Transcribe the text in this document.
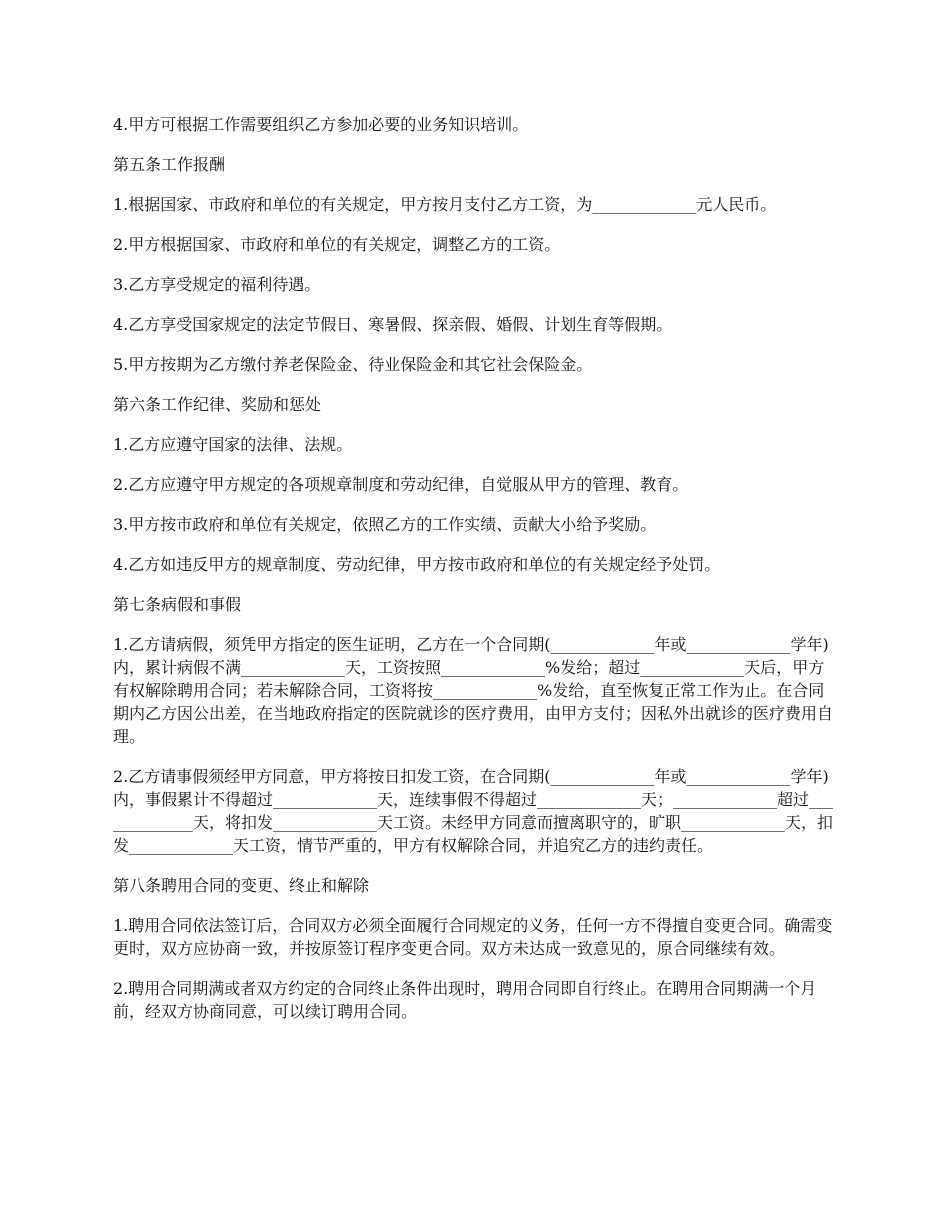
4.甲方可根据工作需要组织乙方参加必要的业务知识培训。

第五条工作报酬

1.根据国家、市政府和单位的有关规定，甲方按月支付乙方工资，为_____________元人民币。

2.甲方根据国家、市政府和单位的有关规定，调整乙方的工资。

3.乙方享受规定的福利待遇。

4.乙方享受国家规定的法定节假日、寒暑假、探亲假、婚假、计划生育等假期。

5.甲方按期为乙方缴付养老保险金、待业保险金和其它社会保险金。

第六条工作纪律、奖励和惩处

1.乙方应遵守国家的法律、法规。

2.乙方应遵守甲方规定的各项规章制度和劳动纪律，自觉服从甲方的管理、教育。

3.甲方按市政府和单位有关规定，依照乙方的工作实绩、贡献大小给予奖励。

4.乙方如违反甲方的规章制度、劳动纪律，甲方按市政府和单位的有关规定经予处罚。

第七条病假和事假

1.乙方请病假，须凭甲方指定的医生证明，乙方在一个合同期(_____________年或_____________学年)内，累计病假不满_____________天，工资按照_____________%发给；超过_____________天后，甲方有权解除聘用合同；若未解除合同，工资将按_____________%发给，直至恢复正常工作为止。在合同期内乙方因公出差，在当地政府指定的医院就诊的医疗费用，由甲方支付；因私外出就诊的医疗费用自理。

2.乙方请事假须经甲方同意，甲方将按日扣发工资，在合同期(_____________年或_____________学年)内，事假累计不得超过_____________天，连续事假不得超过_____________天；_____________超过_____________天，将扣发_____________天工资。未经甲方同意而擅离职守的，旷职_____________天，扣发_____________天工资，情节严重的，甲方有权解除合同，并追究乙方的违约责任。

第八条聘用合同的变更、终止和解除

1.聘用合同依法签订后，合同双方必须全面履行合同规定的义务，任何一方不得擅自变更合同。确需变更时，双方应协商一致，并按原签订程序变更合同。双方未达成一致意见的，原合同继续有效。

2.聘用合同期满或者双方约定的合同终止条件出现时，聘用合同即自行终止。在聘用合同期满一个月前，经双方协商同意，可以续订聘用合同。
